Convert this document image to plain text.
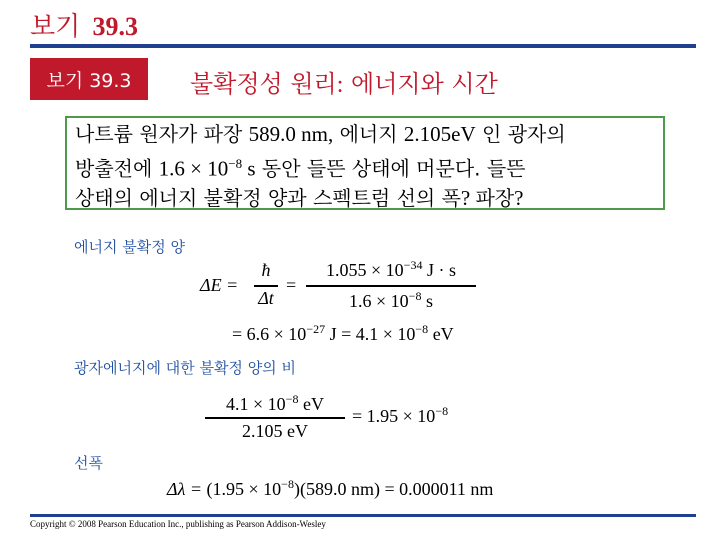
보기 39.3
보기 39.3	불확정성 원리: 에너지와 시간
나트륨 원자가 파장 589.0 nm, 에너지 2.105eV 인 광자의
방출전에 $1.6 \times 10^{-8}$ s 동안 들뜬 상태에 머문다. 들뜬
상태의 에너지 불확정 양과 스펙트럼 선의 폭? 파장?
에너지 불확정 양
ΔE =
ħ
Δt
=
$1.055 \times 10^{-34}$ J · s
$1.6 \times 10^{-8}$ s
= $6.6 \times 10^{-27}$ $J = 4.1 \times 10^{-8}$ eV
광자에너지에 대한 불확정 양의 비
$4.1 \times 10^{-8}$ eV
2.105 eV
= $1.95 \times 10^{-8}$
선폭
$\Delta\lambda = (1.95 \times 10^{-8})(589.0$ nm) = 0.000011 nm
Copyright © 2008 Pearson Education Inc., publishing as Pearson Addison-Wesley
